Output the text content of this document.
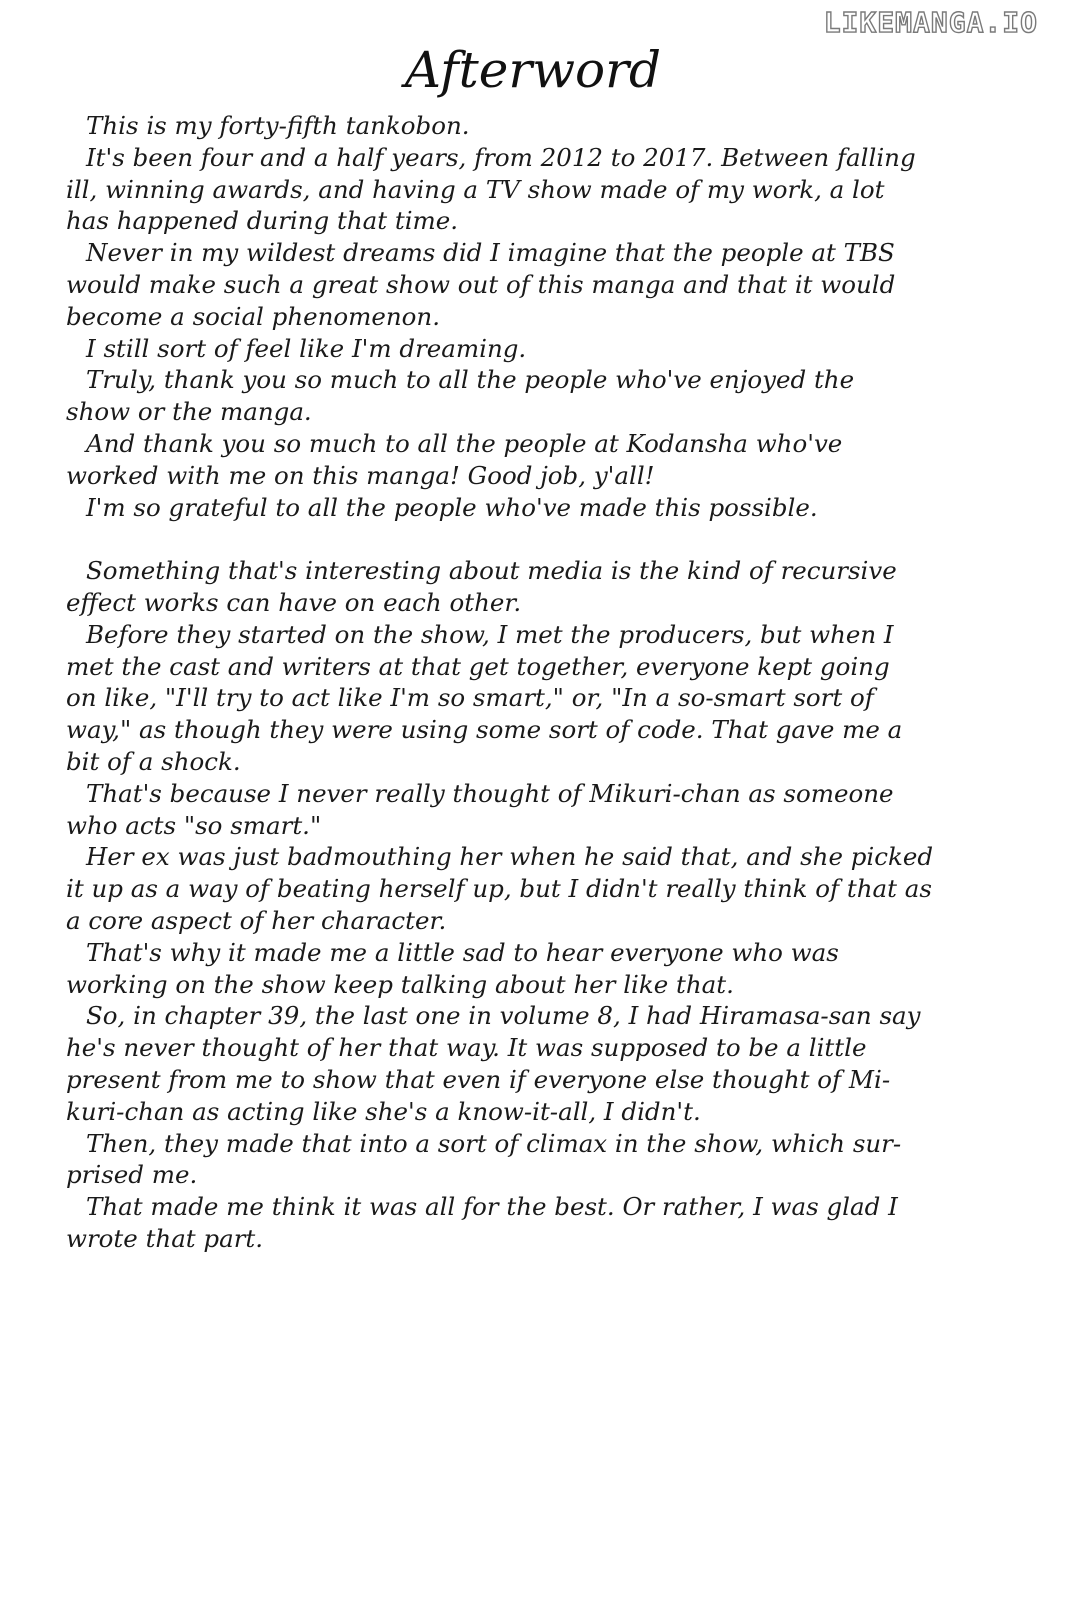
LIKEMANGA.IO
Afterword
This is my forty-fifth tankobon.
It's been four and a half years, from 2012 to 2017. Between falling
ill, winning awards, and having a TV show made of my work, a lot
has happened during that time.
Never in my wildest dreams did I imagine that the people at TBS
would make such a great show out of this manga and that it would
become a social phenomenon.
I still sort of feel like I'm dreaming.
Truly, thank you so much to all the people who've enjoyed the
show or the manga.
And thank you so much to all the people at Kodansha who've
worked with me on this manga! Good job, y'all!
I'm so grateful to all the people who've made this possible.
Something that's interesting about media is the kind of recursive
effect works can have on each other.
Before they started on the show, I met the producers, but when I
met the cast and writers at that get together, everyone kept going
on like, "I'll try to act like I'm so smart," or, "In a so-smart sort of
way," as though they were using some sort of code. That gave me a
bit of a shock.
That's because I never really thought of Mikuri-chan as someone
who acts "so smart."
Her ex was just badmouthing her when he said that, and she picked
it up as a way of beating herself up, but I didn't really think of that as
a core aspect of her character.
That's why it made me a little sad to hear everyone who was
working on the show keep talking about her like that.
So, in chapter 39, the last one in volume 8, I had Hiramasa-san say
he's never thought of her that way. It was supposed to be a little
present from me to show that even if everyone else thought of Mi-
kuri-chan as acting like she's a know-it-all, I didn't.
Then, they made that into a sort of climax in the show, which sur-
prised me.
That made me think it was all for the best. Or rather, I was glad I
wrote that part.
